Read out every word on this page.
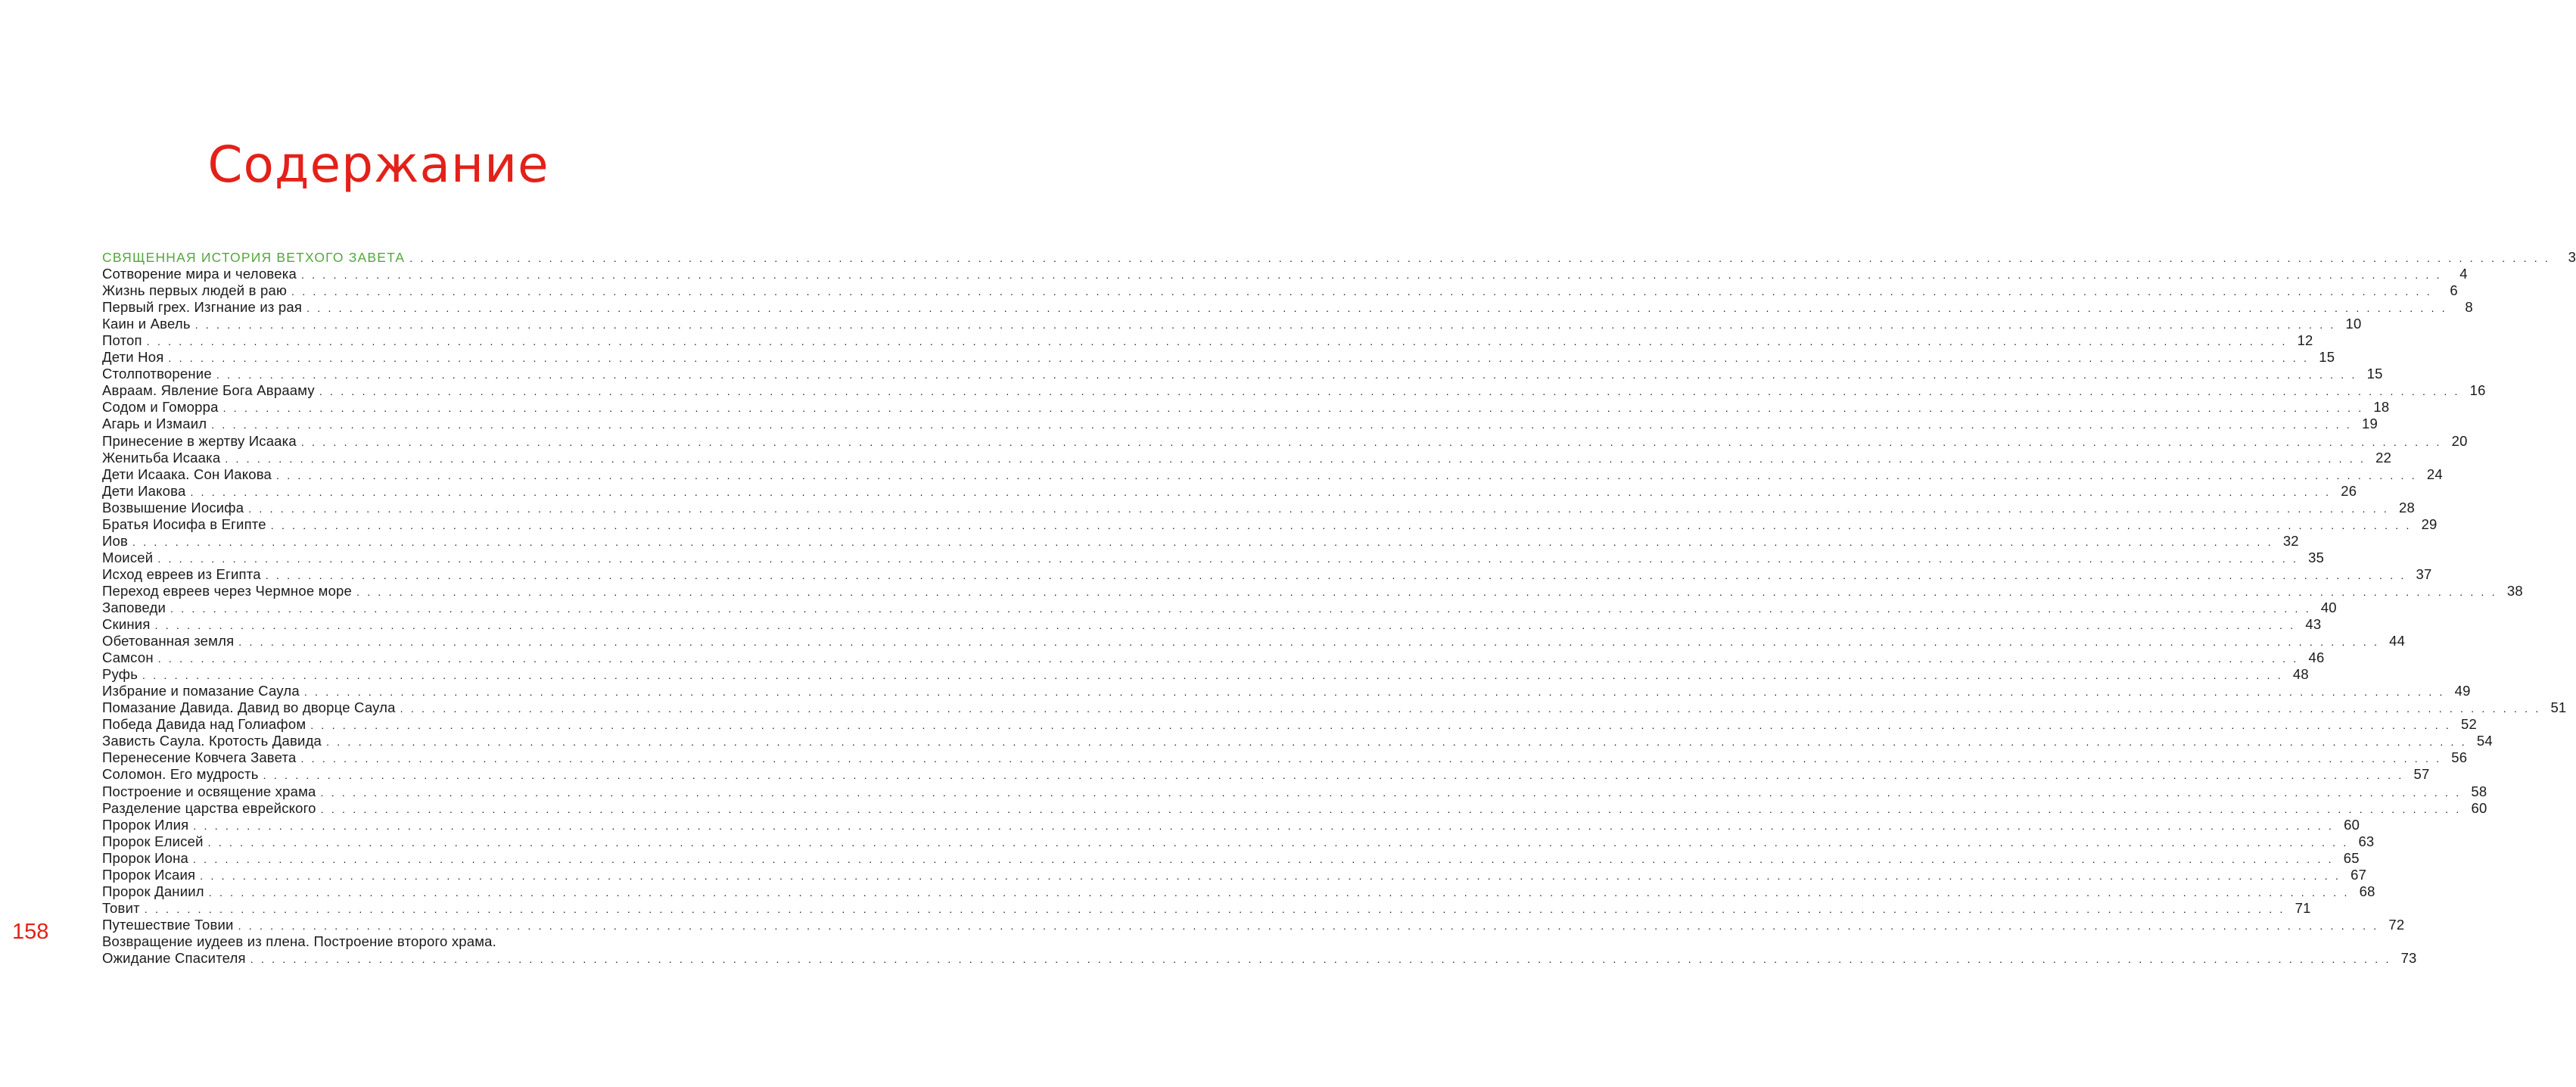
Содержание
СВЯЩЕННАЯ ИСТОРИЯ ВЕТХОГО ЗАВЕТА . . . . . . . . . . . . . . . . . . . . . . . . . . . . . . . . . . . . . . . . . . . . . . . . . . . . . . . . . . . . . . . . . . . . . . . . . . . . . . . . . . . . . . . . . . . . . . . . . . . . . . . . . . . . . . . . . . . . . . . . . . . . . . . . . . . . . . . . . . . . . . . . . . . . . . . . . . . . . . . . . . . . . . . . . . . . . . . . . . . . . . . . . . . . . . . . . . . . . . . .	3
Сотворение мира и человека . . . . . . . . . . . . . . . . . . . . . . . . . . . . . . . . . . . . . . . . . . . . . . . . . . . . . . . . . . . . . . . . . . . . . . . . . . . . . . . . . . . . . . . . . . . . . . . . . . . . . . . . . . . . . . . . . . . . . . . . . . . . . . . . . . . . . . . . . . . . . . . . . . . . . . . . . . . . . . . . . . . . . . . . . . . . . . . . . . . . . . . . . . . . . . . . . . . . . . . .	4
Жизнь первых людей в раю . . . . . . . . . . . . . . . . . . . . . . . . . . . . . . . . . . . . . . . . . . . . . . . . . . . . . . . . . . . . . . . . . . . . . . . . . . . . . . . . . . . . . . . . . . . . . . . . . . . . . . . . . . . . . . . . . . . . . . . . . . . . . . . . . . . . . . . . . . . . . . . . . . . . . . . . . . . . . . . . . . . . . . . . . . . . . . . . . . . . . . . . . . . . . . . . . . . . . . . .	6
Первый грех. Изгнание из рая . . . . . . . . . . . . . . . . . . . . . . . . . . . . . . . . . . . . . . . . . . . . . . . . . . . . . . . . . . . . . . . . . . . . . . . . . . . . . . . . . . . . . . . . . . . . . . . . . . . . . . . . . . . . . . . . . . . . . . . . . . . . . . . . . . . . . . . . . . . . . . . . . . . . . . . . . . . . . . . . . . . . . . . . . . . . . . . . . . . . . . . . . . . . . . . . . . . . . . . .	8
Каин и Авель . . . . . . . . . . . . . . . . . . . . . . . . . . . . . . . . . . . . . . . . . . . . . . . . . . . . . . . . . . . . . . . . . . . . . . . . . . . . . . . . . . . . . . . . . . . . . . . . . . . . . . . . . . . . . . . . . . . . . . . . . . . . . . . . . . . . . . . . . . . . . . . . . . . . . . . . . . . . . . . . . . . . . . . . . . . . . . . . . . . . . . . . . . . . . . . . . . . . . . . . 10
Потоп . . . . . . . . . . . . . . . . . . . . . . . . . . . . . . . . . . . . . . . . . . . . . . . . . . . . . . . . . . . . . . . . . . . . . . . . . . . . . . . . . . . . . . . . . . . . . . . . . . . . . . . . . . . . . . . . . . . . . . . . . . . . . . . . . . . . . . . . . . . . . . . . . . . . . . . . . . . . . . . . . . . . . . . . . . . . . . . . . . . . . . . . . . . . . . . . . . . . . . . . 12
Дети Ноя . . . . . . . . . . . . . . . . . . . . . . . . . . . . . . . . . . . . . . . . . . . . . . . . . . . . . . . . . . . . . . . . . . . . . . . . . . . . . . . . . . . . . . . . . . . . . . . . . . . . . . . . . . . . . . . . . . . . . . . . . . . . . . . . . . . . . . . . . . . . . . . . . . . . . . . . . . . . . . . . . . . . . . . . . . . . . . . . . . . . . . . . . . . . . . . . . . . . . . . . 15
Столпотворение . . . . . . . . . . . . . . . . . . . . . . . . . . . . . . . . . . . . . . . . . . . . . . . . . . . . . . . . . . . . . . . . . . . . . . . . . . . . . . . . . . . . . . . . . . . . . . . . . . . . . . . . . . . . . . . . . . . . . . . . . . . . . . . . . . . . . . . . . . . . . . . . . . . . . . . . . . . . . . . . . . . . . . . . . . . . . . . . . . . . . . . . . . . . . . . . . . . . . . . . 15
Авраам. Явление Бога Аврааму . . . . . . . . . . . . . . . . . . . . . . . . . . . . . . . . . . . . . . . . . . . . . . . . . . . . . . . . . . . . . . . . . . . . . . . . . . . . . . . . . . . . . . . . . . . . . . . . . . . . . . . . . . . . . . . . . . . . . . . . . . . . . . . . . . . . . . . . . . . . . . . . . . . . . . . . . . . . . . . . . . . . . . . . . . . . . . . . . . . . . . . . . . . . . . . . . . . . . . . . 16
Содом и Гоморра . . . . . . . . . . . . . . . . . . . . . . . . . . . . . . . . . . . . . . . . . . . . . . . . . . . . . . . . . . . . . . . . . . . . . . . . . . . . . . . . . . . . . . . . . . . . . . . . . . . . . . . . . . . . . . . . . . . . . . . . . . . . . . . . . . . . . . . . . . . . . . . . . . . . . . . . . . . . . . . . . . . . . . . . . . . . . . . . . . . . . . . . . . . . . . . . . . . . . . . . 18
Агарь и Измаил . . . . . . . . . . . . . . . . . . . . . . . . . . . . . . . . . . . . . . . . . . . . . . . . . . . . . . . . . . . . . . . . . . . . . . . . . . . . . . . . . . . . . . . . . . . . . . . . . . . . . . . . . . . . . . . . . . . . . . . . . . . . . . . . . . . . . . . . . . . . . . . . . . . . . . . . . . . . . . . . . . . . . . . . . . . . . . . . . . . . . . . . . . . . . . . . . . . . . . . . 19
Принесение в жертву Исаака . . . . . . . . . . . . . . . . . . . . . . . . . . . . . . . . . . . . . . . . . . . . . . . . . . . . . . . . . . . . . . . . . . . . . . . . . . . . . . . . . . . . . . . . . . . . . . . . . . . . . . . . . . . . . . . . . . . . . . . . . . . . . . . . . . . . . . . . . . . . . . . . . . . . . . . . . . . . . . . . . . . . . . . . . . . . . . . . . . . . . . . . . . . . . . . . . . . . . . . . 20
Женитьба Исаака . . . . . . . . . . . . . . . . . . . . . . . . . . . . . . . . . . . . . . . . . . . . . . . . . . . . . . . . . . . . . . . . . . . . . . . . . . . . . . . . . . . . . . . . . . . . . . . . . . . . . . . . . . . . . . . . . . . . . . . . . . . . . . . . . . . . . . . . . . . . . . . . . . . . . . . . . . . . . . . . . . . . . . . . . . . . . . . . . . . . . . . . . . . . . . . . . . . . . . . . 22
Дети Исаака. Сон Иакова . . . . . . . . . . . . . . . . . . . . . . . . . . . . . . . . . . . . . . . . . . . . . . . . . . . . . . . . . . . . . . . . . . . . . . . . . . . . . . . . . . . . . . . . . . . . . . . . . . . . . . . . . . . . . . . . . . . . . . . . . . . . . . . . . . . . . . . . . . . . . . . . . . . . . . . . . . . . . . . . . . . . . . . . . . . . . . . . . . . . . . . . . . . . . . . . . . . . . . . . 24
Дети Иакова . . . . . . . . . . . . . . . . . . . . . . . . . . . . . . . . . . . . . . . . . . . . . . . . . . . . . . . . . . . . . . . . . . . . . . . . . . . . . . . . . . . . . . . . . . . . . . . . . . . . . . . . . . . . . . . . . . . . . . . . . . . . . . . . . . . . . . . . . . . . . . . . . . . . . . . . . . . . . . . . . . . . . . . . . . . . . . . . . . . . . . . . . . . . . . . . . . . . . . . . 26
Возвышение Иосифа . . . . . . . . . . . . . . . . . . . . . . . . . . . . . . . . . . . . . . . . . . . . . . . . . . . . . . . . . . . . . . . . . . . . . . . . . . . . . . . . . . . . . . . . . . . . . . . . . . . . . . . . . . . . . . . . . . . . . . . . . . . . . . . . . . . . . . . . . . . . . . . . . . . . . . . . . . . . . . . . . . . . . . . . . . . . . . . . . . . . . . . . . . . . . . . . . . . . . . . . 28
Братья Иосифа в Египте . . . . . . . . . . . . . . . . . . . . . . . . . . . . . . . . . . . . . . . . . . . . . . . . . . . . . . . . . . . . . . . . . . . . . . . . . . . . . . . . . . . . . . . . . . . . . . . . . . . . . . . . . . . . . . . . . . . . . . . . . . . . . . . . . . . . . . . . . . . . . . . . . . . . . . . . . . . . . . . . . . . . . . . . . . . . . . . . . . . . . . . . . . . . . . . . . . . . . . . . 29
Иов . . . . . . . . . . . . . . . . . . . . . . . . . . . . . . . . . . . . . . . . . . . . . . . . . . . . . . . . . . . . . . . . . . . . . . . . . . . . . . . . . . . . . . . . . . . . . . . . . . . . . . . . . . . . . . . . . . . . . . . . . . . . . . . . . . . . . . . . . . . . . . . . . . . . . . . . . . . . . . . . . . . . . . . . . . . . . . . . . . . . . . . . . . . . . . . . . . . . . . . . 32
Моисей . . . . . . . . . . . . . . . . . . . . . . . . . . . . . . . . . . . . . . . . . . . . . . . . . . . . . . . . . . . . . . . . . . . . . . . . . . . . . . . . . . . . . . . . . . . . . . . . . . . . . . . . . . . . . . . . . . . . . . . . . . . . . . . . . . . . . . . . . . . . . . . . . . . . . . . . . . . . . . . . . . . . . . . . . . . . . . . . . . . . . . . . . . . . . . . . . . . . . . . . 35
Исход евреев из Египта . . . . . . . . . . . . . . . . . . . . . . . . . . . . . . . . . . . . . . . . . . . . . . . . . . . . . . . . . . . . . . . . . . . . . . . . . . . . . . . . . . . . . . . . . . . . . . . . . . . . . . . . . . . . . . . . . . . . . . . . . . . . . . . . . . . . . . . . . . . . . . . . . . . . . . . . . . . . . . . . . . . . . . . . . . . . . . . . . . . . . . . . . . . . . . . . . . . . . . . . 37
Переход евреев через Чермное море . . . . . . . . . . . . . . . . . . . . . . . . . . . . . . . . . . . . . . . . . . . . . . . . . . . . . . . . . . . . . . . . . . . . . . . . . . . . . . . . . . . . . . . . . . . . . . . . . . . . . . . . . . . . . . . . . . . . . . . . . . . . . . . . . . . . . . . . . . . . . . . . . . . . . . . . . . . . . . . . . . . . . . . . . . . . . . . . . . . . . . . . . . . . . . . . . . . . . . . . 38
Заповеди . . . . . . . . . . . . . . . . . . . . . . . . . . . . . . . . . . . . . . . . . . . . . . . . . . . . . . . . . . . . . . . . . . . . . . . . . . . . . . . . . . . . . . . . . . . . . . . . . . . . . . . . . . . . . . . . . . . . . . . . . . . . . . . . . . . . . . . . . . . . . . . . . . . . . . . . . . . . . . . . . . . . . . . . . . . . . . . . . . . . . . . . . . . . . . . . . . . . . . . . 40
Скиния . . . . . . . . . . . . . . . . . . . . . . . . . . . . . . . . . . . . . . . . . . . . . . . . . . . . . . . . . . . . . . . . . . . . . . . . . . . . . . . . . . . . . . . . . . . . . . . . . . . . . . . . . . . . . . . . . . . . . . . . . . . . . . . . . . . . . . . . . . . . . . . . . . . . . . . . . . . . . . . . . . . . . . . . . . . . . . . . . . . . . . . . . . . . . . . . . . . . . . . . 43
Обетованная земля . . . . . . . . . . . . . . . . . . . . . . . . . . . . . . . . . . . . . . . . . . . . . . . . . . . . . . . . . . . . . . . . . . . . . . . . . . . . . . . . . . . . . . . . . . . . . . . . . . . . . . . . . . . . . . . . . . . . . . . . . . . . . . . . . . . . . . . . . . . . . . . . . . . . . . . . . . . . . . . . . . . . . . . . . . . . . . . . . . . . . . . . . . . . . . . . . . . . . . . . 44
Самсон . . . . . . . . . . . . . . . . . . . . . . . . . . . . . . . . . . . . . . . . . . . . . . . . . . . . . . . . . . . . . . . . . . . . . . . . . . . . . . . . . . . . . . . . . . . . . . . . . . . . . . . . . . . . . . . . . . . . . . . . . . . . . . . . . . . . . . . . . . . . . . . . . . . . . . . . . . . . . . . . . . . . . . . . . . . . . . . . . . . . . . . . . . . . . . . . . . . . . . . . 46
Руфь . . . . . . . . . . . . . . . . . . . . . . . . . . . . . . . . . . . . . . . . . . . . . . . . . . . . . . . . . . . . . . . . . . . . . . . . . . . . . . . . . . . . . . . . . . . . . . . . . . . . . . . . . . . . . . . . . . . . . . . . . . . . . . . . . . . . . . . . . . . . . . . . . . . . . . . . . . . . . . . . . . . . . . . . . . . . . . . . . . . . . . . . . . . . . . . . . . . . . . . . 48
Избрание и помазание Саула . . . . . . . . . . . . . . . . . . . . . . . . . . . . . . . . . . . . . . . . . . . . . . . . . . . . . . . . . . . . . . . . . . . . . . . . . . . . . . . . . . . . . . . . . . . . . . . . . . . . . . . . . . . . . . . . . . . . . . . . . . . . . . . . . . . . . . . . . . . . . . . . . . . . . . . . . . . . . . . . . . . . . . . . . . . . . . . . . . . . . . . . . . . . . . . . . . . . . . . . 49
Помазание Давида. Давид во дворце Саула . . . . . . . . . . . . . . . . . . . . . . . . . . . . . . . . . . . . . . . . . . . . . . . . . . . . . . . . . . . . . . . . . . . . . . . . . . . . . . . . . . . . . . . . . . . . . . . . . . . . . . . . . . . . . . . . . . . . . . . . . . . . . . . . . . . . . . . . . . . . . . . . . . . . . . . . . . . . . . . . . . . . . . . . . . . . . . . . . . . . . . . . . . . . . . . . . . . . . . . . 51
Победа Давида над Голиафом . . . . . . . . . . . . . . . . . . . . . . . . . . . . . . . . . . . . . . . . . . . . . . . . . . . . . . . . . . . . . . . . . . . . . . . . . . . . . . . . . . . . . . . . . . . . . . . . . . . . . . . . . . . . . . . . . . . . . . . . . . . . . . . . . . . . . . . . . . . . . . . . . . . . . . . . . . . . . . . . . . . . . . . . . . . . . . . . . . . . . . . . . . . . . . . . . . . . . . . . 52
Зависть Саула. Кротость Давида . . . . . . . . . . . . . . . . . . . . . . . . . . . . . . . . . . . . . . . . . . . . . . . . . . . . . . . . . . . . . . . . . . . . . . . . . . . . . . . . . . . . . . . . . . . . . . . . . . . . . . . . . . . . . . . . . . . . . . . . . . . . . . . . . . . . . . . . . . . . . . . . . . . . . . . . . . . . . . . . . . . . . . . . . . . . . . . . . . . . . . . . . . . . . . . . . . . . . . . . 54
Перенесение Ковчега Завета . . . . . . . . . . . . . . . . . . . . . . . . . . . . . . . . . . . . . . . . . . . . . . . . . . . . . . . . . . . . . . . . . . . . . . . . . . . . . . . . . . . . . . . . . . . . . . . . . . . . . . . . . . . . . . . . . . . . . . . . . . . . . . . . . . . . . . . . . . . . . . . . . . . . . . . . . . . . . . . . . . . . . . . . . . . . . . . . . . . . . . . . . . . . . . . . . . . . . . . . 56
Соломон. Его мудрость . . . . . . . . . . . . . . . . . . . . . . . . . . . . . . . . . . . . . . . . . . . . . . . . . . . . . . . . . . . . . . . . . . . . . . . . . . . . . . . . . . . . . . . . . . . . . . . . . . . . . . . . . . . . . . . . . . . . . . . . . . . . . . . . . . . . . . . . . . . . . . . . . . . . . . . . . . . . . . . . . . . . . . . . . . . . . . . . . . . . . . . . . . . . . . . . . . . . . . . . 57
Построение и освящение храма . . . . . . . . . . . . . . . . . . . . . . . . . . . . . . . . . . . . . . . . . . . . . . . . . . . . . . . . . . . . . . . . . . . . . . . . . . . . . . . . . . . . . . . . . . . . . . . . . . . . . . . . . . . . . . . . . . . . . . . . . . . . . . . . . . . . . . . . . . . . . . . . . . . . . . . . . . . . . . . . . . . . . . . . . . . . . . . . . . . . . . . . . . . . . . . . . . . . . . . . 58
Разделение царства еврейского . . . . . . . . . . . . . . . . . . . . . . . . . . . . . . . . . . . . . . . . . . . . . . . . . . . . . . . . . . . . . . . . . . . . . . . . . . . . . . . . . . . . . . . . . . . . . . . . . . . . . . . . . . . . . . . . . . . . . . . . . . . . . . . . . . . . . . . . . . . . . . . . . . . . . . . . . . . . . . . . . . . . . . . . . . . . . . . . . . . . . . . . . . . . . . . . . . . . . . . . 60
Пророк Илия . . . . . . . . . . . . . . . . . . . . . . . . . . . . . . . . . . . . . . . . . . . . . . . . . . . . . . . . . . . . . . . . . . . . . . . . . . . . . . . . . . . . . . . . . . . . . . . . . . . . . . . . . . . . . . . . . . . . . . . . . . . . . . . . . . . . . . . . . . . . . . . . . . . . . . . . . . . . . . . . . . . . . . . . . . . . . . . . . . . . . . . . . . . . . . . . . . . . . . . . 60
Пророк Елисей . . . . . . . . . . . . . . . . . . . . . . . . . . . . . . . . . . . . . . . . . . . . . . . . . . . . . . . . . . . . . . . . . . . . . . . . . . . . . . . . . . . . . . . . . . . . . . . . . . . . . . . . . . . . . . . . . . . . . . . . . . . . . . . . . . . . . . . . . . . . . . . . . . . . . . . . . . . . . . . . . . . . . . . . . . . . . . . . . . . . . . . . . . . . . . . . . . . . . . . . 63
Пророк Иона . . . . . . . . . . . . . . . . . . . . . . . . . . . . . . . . . . . . . . . . . . . . . . . . . . . . . . . . . . . . . . . . . . . . . . . . . . . . . . . . . . . . . . . . . . . . . . . . . . . . . . . . . . . . . . . . . . . . . . . . . . . . . . . . . . . . . . . . . . . . . . . . . . . . . . . . . . . . . . . . . . . . . . . . . . . . . . . . . . . . . . . . . . . . . . . . . . . . . . . . 65
Пророк Исаия . . . . . . . . . . . . . . . . . . . . . . . . . . . . . . . . . . . . . . . . . . . . . . . . . . . . . . . . . . . . . . . . . . . . . . . . . . . . . . . . . . . . . . . . . . . . . . . . . . . . . . . . . . . . . . . . . . . . . . . . . . . . . . . . . . . . . . . . . . . . . . . . . . . . . . . . . . . . . . . . . . . . . . . . . . . . . . . . . . . . . . . . . . . . . . . . . . . . . . . . 67
Пророк Даниил . . . . . . . . . . . . . . . . . . . . . . . . . . . . . . . . . . . . . . . . . . . . . . . . . . . . . . . . . . . . . . . . . . . . . . . . . . . . . . . . . . . . . . . . . . . . . . . . . . . . . . . . . . . . . . . . . . . . . . . . . . . . . . . . . . . . . . . . . . . . . . . . . . . . . . . . . . . . . . . . . . . . . . . . . . . . . . . . . . . . . . . . . . . . . . . . . . . . . . . . 68
Товит . . . . . . . . . . . . . . . . . . . . . . . . . . . . . . . . . . . . . . . . . . . . . . . . . . . . . . . . . . . . . . . . . . . . . . . . . . . . . . . . . . . . . . . . . . . . . . . . . . . . . . . . . . . . . . . . . . . . . . . . . . . . . . . . . . . . . . . . . . . . . . . . . . . . . . . . . . . . . . . . . . . . . . . . . . . . . . . . . . . . . . . . . . . . . . . . . . . . . . . . 71
Путешествие Товии . . . . . . . . . . . . . . . . . . . . . . . . . . . . . . . . . . . . . . . . . . . . . . . . . . . . . . . . . . . . . . . . . . . . . . . . . . . . . . . . . . . . . . . . . . . . . . . . . . . . . . . . . . . . . . . . . . . . . . . . . . . . . . . . . . . . . . . . . . . . . . . . . . . . . . . . . . . . . . . . . . . . . . . . . . . . . . . . . . . . . . . . . . . . . . . . . . . . . . . . 72
Возвращение иудеев из плена. Построение второго храма.
Ожидание Спасителя . . . . . . . . . . . . . . . . . . . . . . . . . . . . . . . . . . . . . . . . . . . . . . . . . . . . . . . . . . . . . . . . . . . . . . . . . . . . . . . . . . . . . . . . . . . . . . . . . . . . . . . . . . . . . . . . . . . . . . . . . . . . . . . . . . . . . . . . . . . . . . . . . . . . . . . . . . . . . . . . . . . . . . . . . . . . . . . . . . . . . . . . . . . . . . . . . . . . . . . . 73
158
